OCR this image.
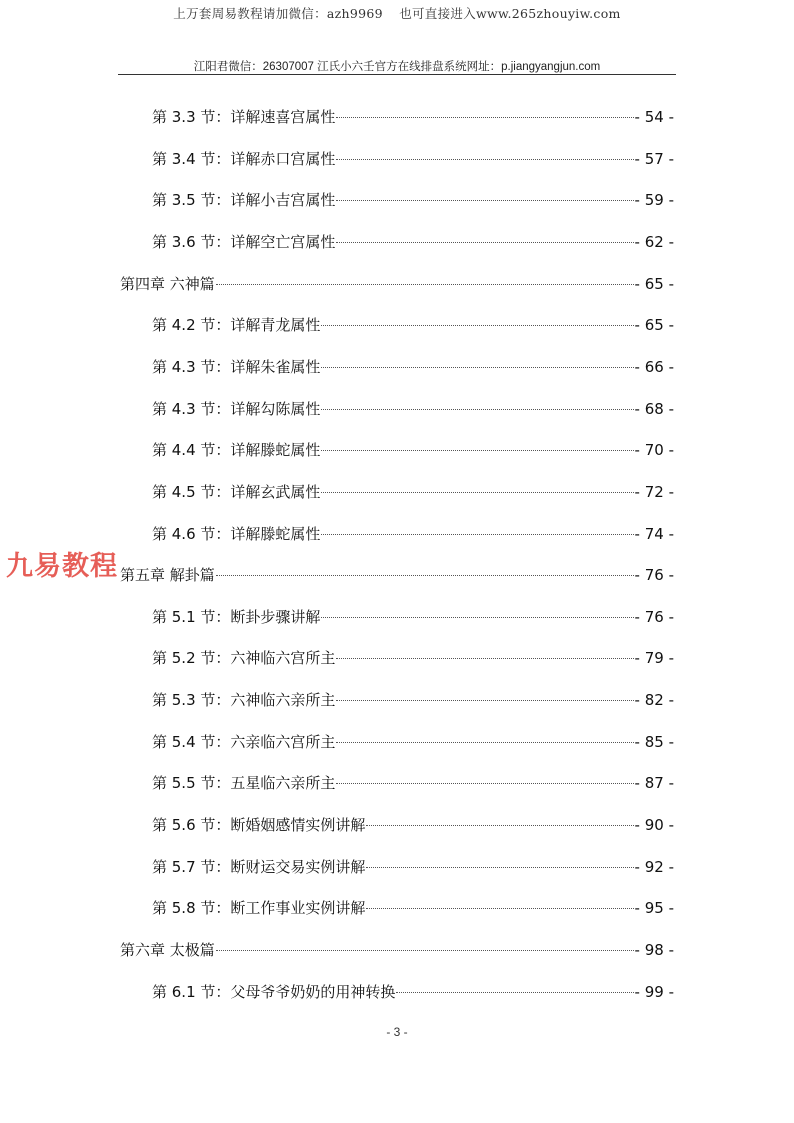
上万套周易教程请加微信：azh9969 也可直接进入www.265zhouyiw.com
江阳君微信：26307007 江氏小六壬官方在线排盘系统网址：p.jiangyangjun.com
第 3.3 节：详解速喜宫属性	- 54 -
第 3.4 节：详解赤口宫属性	- 57 -
第 3.5 节：详解小吉宫属性	- 59 -
第 3.6 节：详解空亡宫属性	- 62 -
第四章 六神篇	- 65 -
第 4.2 节：详解青龙属性	- 65 -
第 4.3 节：详解朱雀属性	- 66 -
第 4.3 节：详解勾陈属性	- 68 -
第 4.4 节：详解滕蛇属性	- 70 -
第 4.5 节：详解玄武属性	- 72 -
第 4.6 节：详解滕蛇属性	- 74 -
第五章 解卦篇	- 76 -
第 5.1 节：断卦步骤讲解	- 76 -
第 5.2 节：六神临六宫所主	- 79 -
第 5.3 节：六神临六亲所主	- 82 -
第 5.4 节：六亲临六宫所主	- 85 -
第 5.5 节：五星临六亲所主	- 87 -
第 5.6 节：断婚姻感情实例讲解	- 90 -
第 5.7 节：断财运交易实例讲解	- 92 -
第 5.8 节：断工作事业实例讲解	- 95 -
第六章 太极篇	- 98 -
第 6.1 节：父母爷爷奶奶的用神转换	- 99 -
九易教程
- 3 -
